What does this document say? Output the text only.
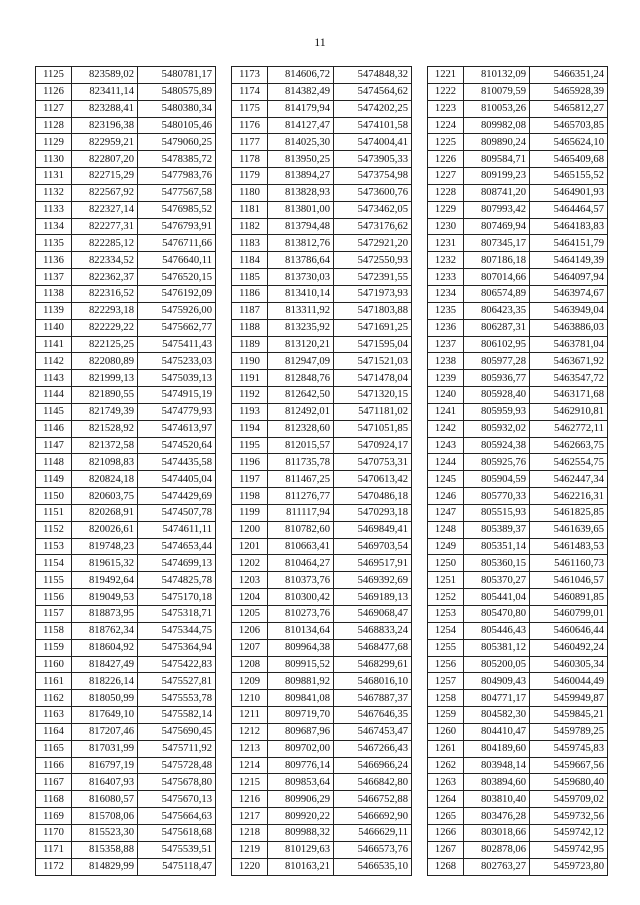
11
1125	823589,02	5480781,17
1126	823411,14	5480575,89
1127	823288,41	5480380,34
1128	823196,38	5480105,46
1129	822959,21	5479060,25
1130	822807,20	5478385,72
1131	822715,29	5477983,76
1132	822567,92	5477567,58
1133	822327,14	5476985,52
1134	822277,31	5476793,91
1135	822285,12	5476711,66
1136	822334,52	5476640,11
1137	822362,37	5476520,15
1138	822316,52	5476192,09
1139	822293,18	5475926,00
1140	822229,22	5475662,77
1141	822125,25	5475411,43
1142	822080,89	5475233,03
1143	821999,13	5475039,13
1144	821890,55	5474915,19
1145	821749,39	5474779,93
1146	821528,92	5474613,97
1147	821372,58	5474520,64
1148	821098,83	5474435,58
1149	820824,18	5474405,04
1150	820603,75	5474429,69
1151	820268,91	5474507,78
1152	820026,61	5474611,11
1153	819748,23	5474653,44
1154	819615,32	5474699,13
1155	819492,64	5474825,78
1156	819049,53	5475170,18
1157	818873,95	5475318,71
1158	818762,34	5475344,75
1159	818604,92	5475364,94
1160	818427,49	5475422,83
1161	818226,14	5475527,81
1162	818050,99	5475553,78
1163	817649,10	5475582,14
1164	817207,46	5475690,45
1165	817031,99	5475711,92
1166	816797,19	5475728,48
1167	816407,93	5475678,80
1168	816080,57	5475670,13
1169	815708,06	5475664,63
1170	815523,30	5475618,68
1171	815358,88	5475539,51
1172	814829,99	5475118,47
1173	814606,72	5474848,32
1174	814382,49	5474564,62
1175	814179,94	5474202,25
1176	814127,47	5474101,58
1177	814025,30	5474004,41
1178	813950,25	5473905,33
1179	813894,27	5473754,98
1180	813828,93	5473600,76
1181	813801,00	5473462,05
1182	813794,48	5473176,62
1183	813812,76	5472921,20
1184	813786,64	5472550,93
1185	813730,03	5472391,55
1186	813410,14	5471973,93
1187	813311,92	5471803,88
1188	813235,92	5471691,25
1189	813120,21	5471595,04
1190	812947,09	5471521,03
1191	812848,76	5471478,04
1192	812642,50	5471320,15
1193	812492,01	5471181,02
1194	812328,60	5471051,85
1195	812015,57	5470924,17
1196	811735,78	5470753,31
1197	811467,25	5470613,42
1198	811276,77	5470486,18
1199	811117,94	5470293,18
1200	810782,60	5469849,41
1201	810663,41	5469703,54
1202	810464,27	5469517,91
1203	810373,76	5469392,69
1204	810300,42	5469189,13
1205	810273,76	5469068,47
1206	810134,64	5468833,24
1207	809964,38	5468477,68
1208	809915,52	5468299,61
1209	809881,92	5468016,10
1210	809841,08	5467887,37
1211	809719,70	5467646,35
1212	809687,96	5467453,47
1213	809702,00	5467266,43
1214	809776,14	5466966,24
1215	809853,64	5466842,80
1216	809906,29	5466752,88
1217	809920,22	5466692,90
1218	809988,32	5466629,11
1219	810129,63	5466573,76
1220	810163,21	5466535,10
1221	810132,09	5466351,24
1222	810079,59	5465928,39
1223	810053,26	5465812,27
1224	809982,08	5465703,85
1225	809890,24	5465624,10
1226	809584,71	5465409,68
1227	809199,23	5465155,52
1228	808741,20	5464901,93
1229	807993,42	5464464,57
1230	807469,94	5464183,83
1231	807345,17	5464151,79
1232	807186,18	5464149,39
1233	807014,66	5464097,94
1234	806574,89	5463974,67
1235	806423,35	5463949,04
1236	806287,31	5463886,03
1237	806102,95	5463781,04
1238	805977,28	5463671,92
1239	805936,77	5463547,72
1240	805928,40	5463171,68
1241	805959,93	5462910,81
1242	805932,02	5462772,11
1243	805924,38	5462663,75
1244	805925,76	5462554,75
1245	805904,59	5462447,34
1246	805770,33	5462216,31
1247	805515,93	5461825,85
1248	805389,37	5461639,65
1249	805351,14	5461483,53
1250	805360,15	5461160,73
1251	805370,27	5461046,57
1252	805441,04	5460891,85
1253	805470,80	5460799,01
1254	805446,43	5460646,44
1255	805381,12	5460492,24
1256	805200,05	5460305,34
1257	804909,43	5460044,49
1258	804771,17	5459949,87
1259	804582,30	5459845,21
1260	804410,47	5459789,25
1261	804189,60	5459745,83
1262	803948,14	5459667,56
1263	803894,60	5459680,40
1264	803810,40	5459709,02
1265	803476,28	5459732,56
1266	803018,66	5459742,12
1267	802878,06	5459742,95
1268	802763,27	5459723,80
